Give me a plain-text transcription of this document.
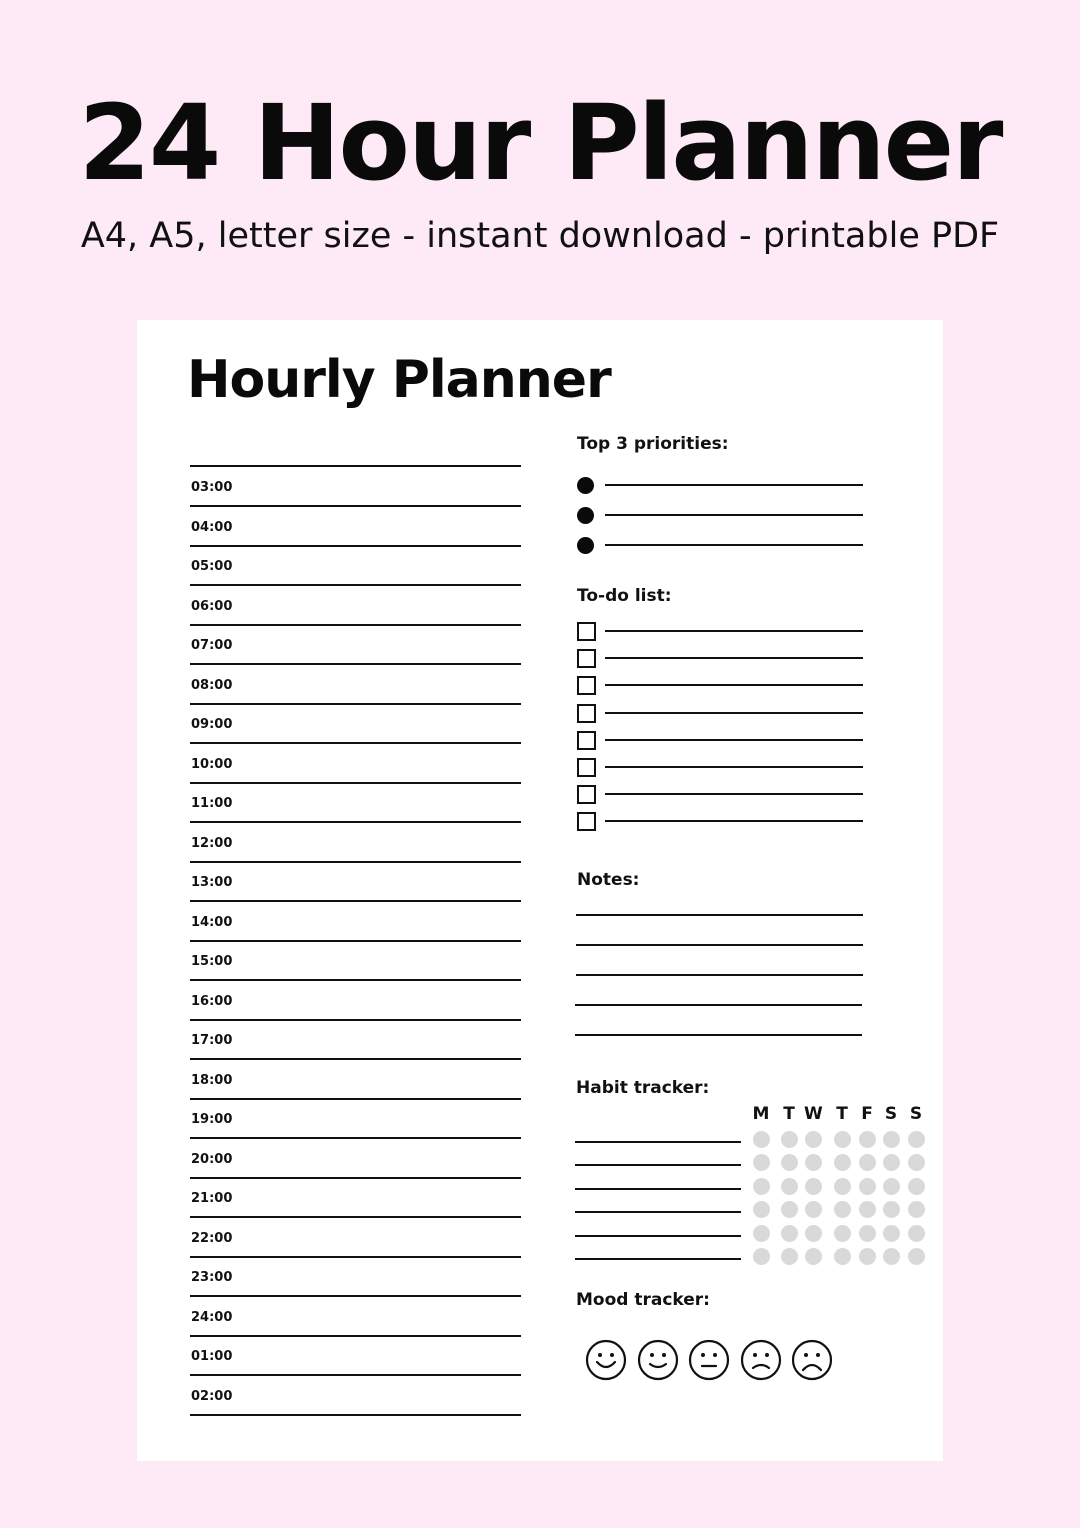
24 Hour Planner
A4, A5, letter size - instant download - printable PDF
Hourly Planner
03:00
04:00
05:00
06:00
07:00
08:00
09:00
10:00
11:00
12:00
13:00
14:00
15:00
16:00
17:00
18:00
19:00
20:00
21:00
22:00
23:00
24:00
01:00
02:00
Top 3 priorities:
To-do list:
Notes:
Habit tracker:
M T W T F S S
Mood tracker:
